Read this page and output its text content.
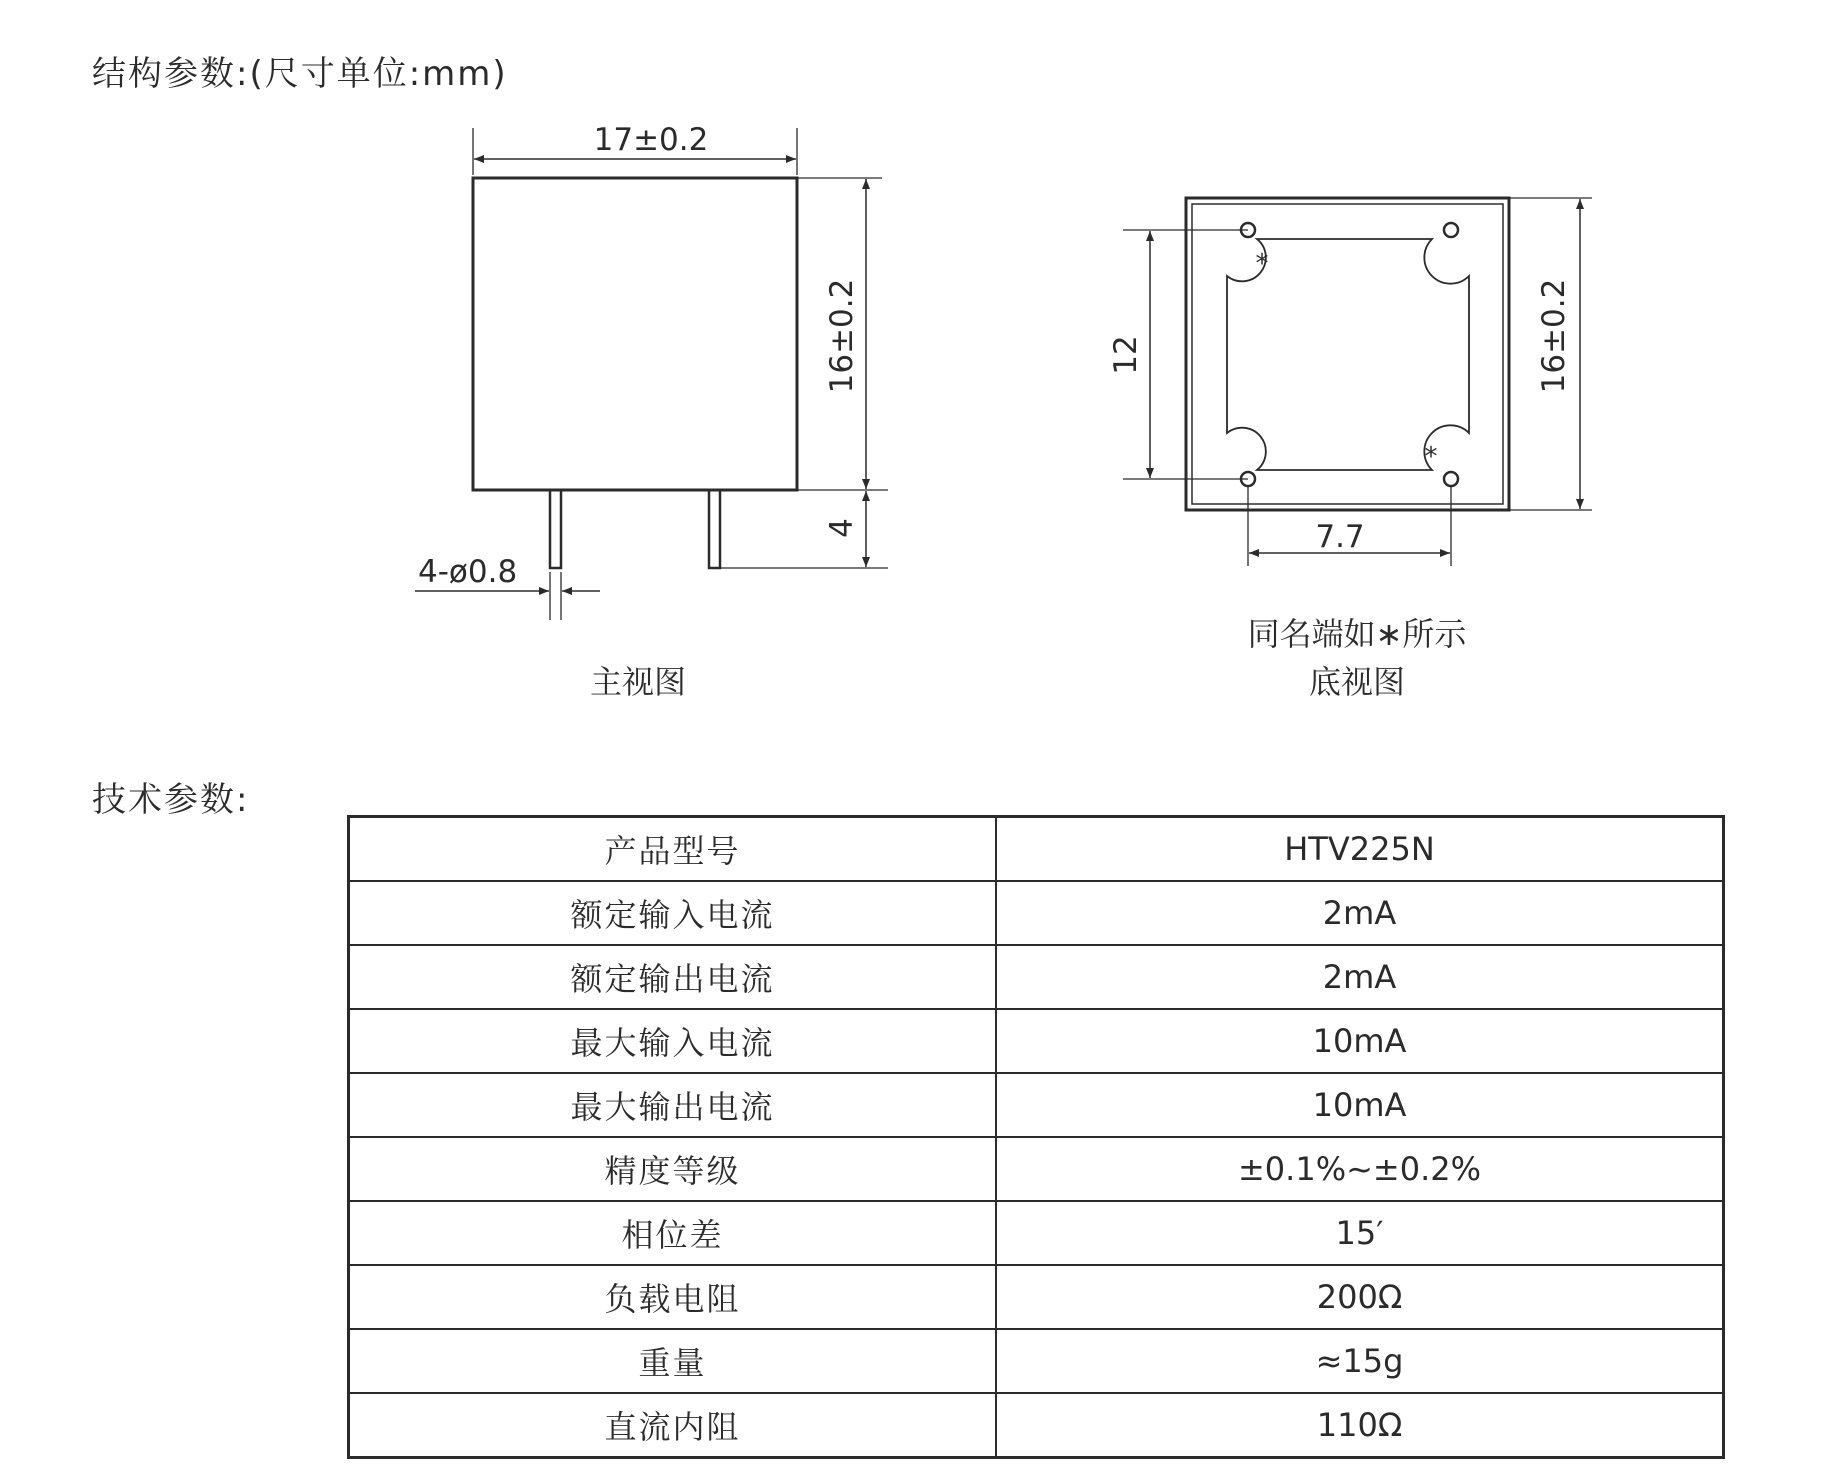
结构参数:(尺寸单位:mm)
17±0.2
16±0.2
4
4-ø0.8
主视图
*
*
12	16±0.2
7.7
同名端如∗所示
底视图
技术参数:
产品型号	HTV225N
额定输入电流	2mA
额定输出电流	2mA
最大输入电流	10mA
最大输出电流	10mA
精度等级	±0.1%~±0.2%
相位差	15′
负载电阻	200Ω
重量	≈15g
直流内阻	110Ω
